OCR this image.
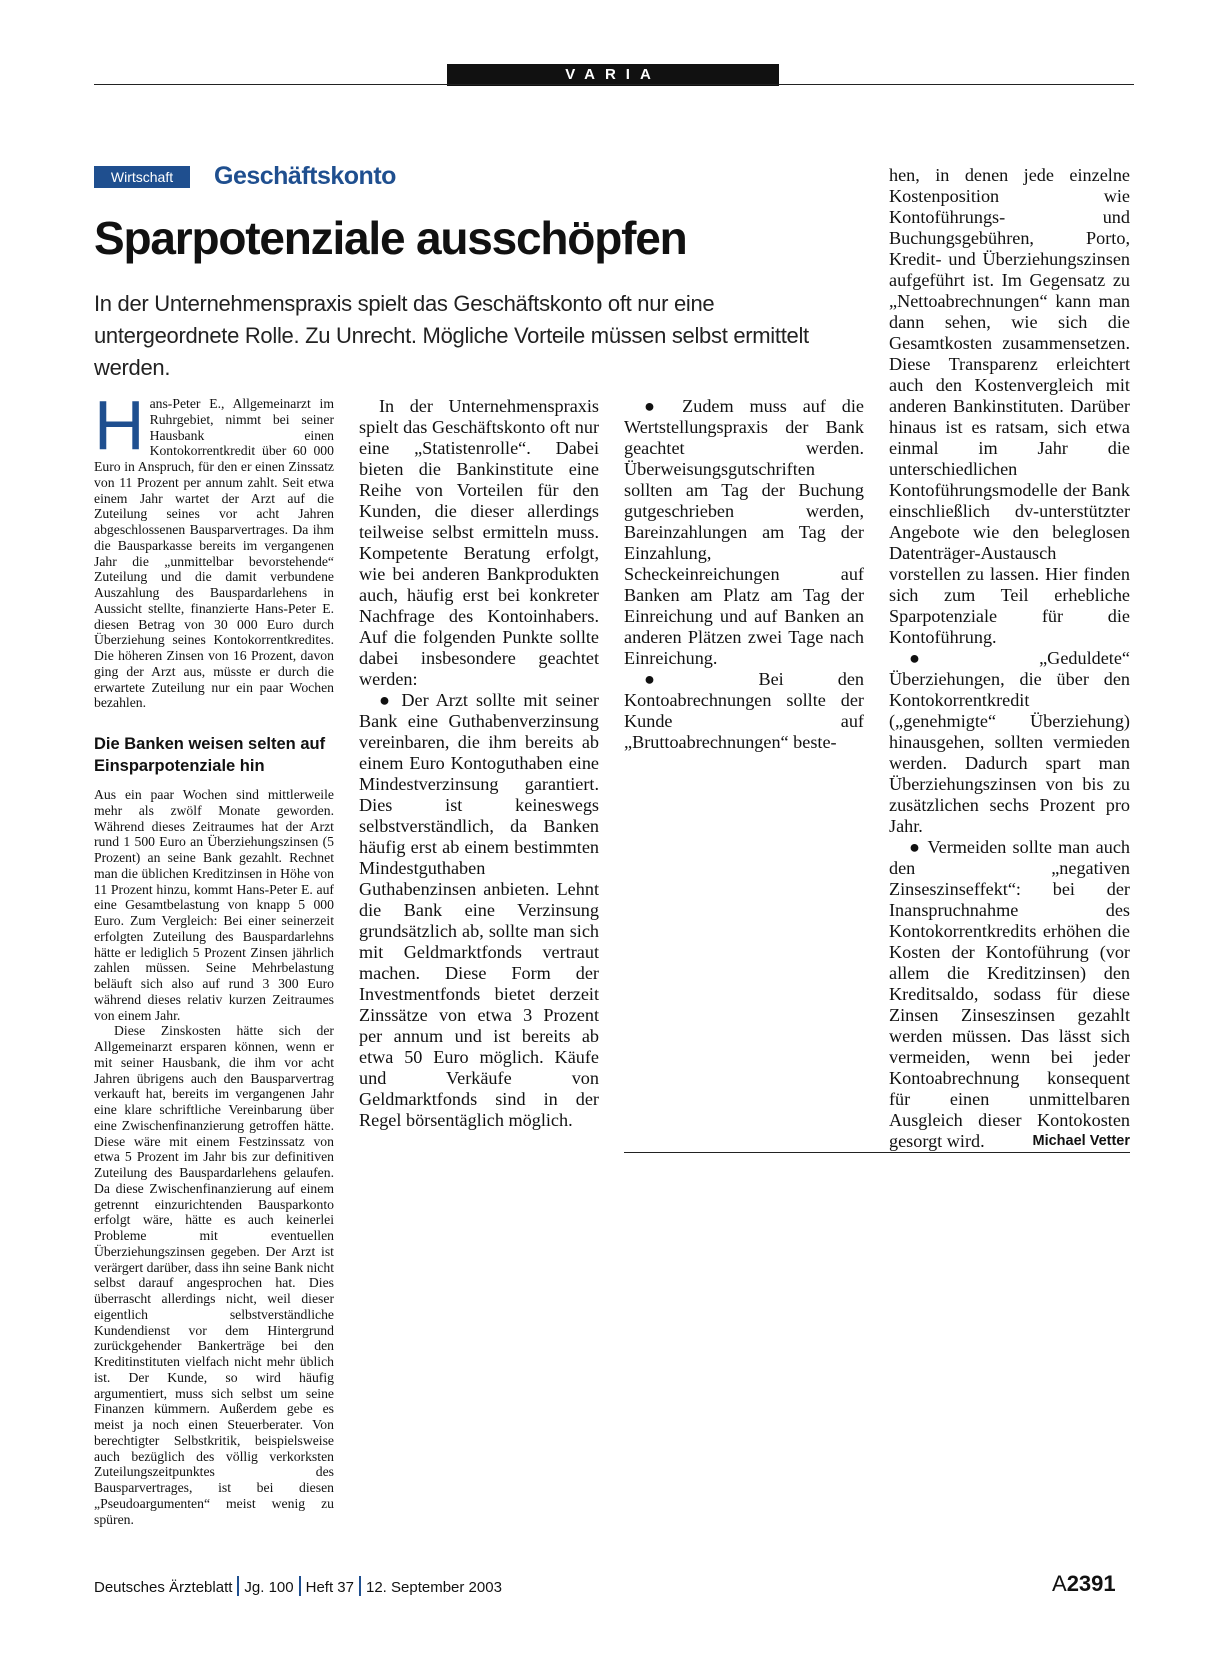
VARIA
Wirtschaft	Geschäftskonto
Sparpotenziale ausschöpfen
In der Unternehmenspraxis spielt das Geschäftskonto oft nur eine untergeordnete Rolle. Zu Unrecht. Mögliche Vorteile müssen selbst ermittelt werden.

Hans-Peter E., Allgemeinarzt im Ruhrgebiet, nimmt bei seiner Hausbank einen Kontokorrentkredit über 60 000 Euro in Anspruch, für den er einen Zinssatz von 11 Prozent per annum zahlt. Seit etwa einem Jahr wartet der Arzt auf die Zuteilung seines vor acht Jahren abgeschlossenen Bausparvertrages. Da ihm die Bausparkasse bereits im vergangenen Jahr die „unmittelbar bevorstehende“ Zuteilung und die damit verbundene Auszahlung des Bauspardarlehens in Aussicht stellte, finanzierte Hans-Peter E. diesen Betrag von 30 000 Euro durch Überziehung seines Kontokorrentkredites. Die höheren Zinsen von 16 Prozent, davon ging der Arzt aus, müsste er durch die erwartete Zuteilung nur ein paar Wochen bezahlen.

Die Banken weisen selten auf Einsparpotenziale hin

Aus ein paar Wochen sind mittlerweile mehr als zwölf Monate geworden. Während dieses Zeitraumes hat der Arzt rund 1 500 Euro an Überziehungszinsen (5 Prozent) an seine Bank gezahlt. Rechnet man die üblichen Kreditzinsen in Höhe von 11 Prozent hinzu, kommt Hans-Peter E. auf eine Gesamtbelastung von knapp 5 000 Euro. Zum Vergleich: Bei einer seinerzeit erfolgten Zuteilung des Bauspardarlehns hätte er lediglich 5 Prozent Zinsen jährlich zahlen müssen. Seine Mehrbelastung beläuft sich also auf rund 3 300 Euro während dieses relativ kurzen Zeitraumes von einem Jahr.

Diese Zinskosten hätte sich der Allgemeinarzt ersparen können, wenn er mit seiner Hausbank, die ihm vor acht Jahren übrigens auch den Bausparvertrag verkauft hat, bereits im vergangenen Jahr eine klare schriftliche Vereinbarung über eine Zwischenfinanzierung getroffen hätte. Diese wäre mit einem Festzinssatz von etwa 5 Prozent im Jahr bis zur definitiven Zuteilung des Bauspardarlehens gelaufen. Da diese Zwischenfinanzierung auf einem getrennt einzurichtenden Bausparkonto erfolgt wäre, hätte es auch keinerlei Probleme mit eventuellen Überziehungszinsen gegeben. Der Arzt ist verärgert darüber, dass ihn seine Bank nicht selbst darauf angesprochen hat. Dies überrascht allerdings nicht, weil dieser eigentlich selbstverständliche Kundendienst vor dem Hintergrund zurückgehender Bankerträge bei den Kreditinstituten vielfach nicht mehr üblich ist. Der Kunde, so wird häufig argumentiert, muss sich selbst um seine Finanzen kümmern. Außerdem gebe es meist ja noch einen Steuerberater. Von berechtigter Selbstkritik, beispielsweise auch bezüglich des völlig verkorksten Zuteilungszeitpunktes des Bausparvertrages, ist bei diesen „Pseudoargumenten“ meist wenig zu spüren.

In der Unternehmenspraxis spielt das Geschäftskonto oft nur eine „Statistenrolle“. Dabei bieten die Bankinstitute eine Reihe von Vorteilen für den Kunden, die dieser allerdings teilweise selbst ermitteln muss. Kompetente Beratung erfolgt, wie bei anderen Bankprodukten auch, häufig erst bei konkreter Nachfrage des Kontoinhabers. Auf die folgenden Punkte sollte dabei insbesondere geachtet werden:

● Der Arzt sollte mit seiner Bank eine Guthabenverzinsung vereinbaren, die ihm bereits ab einem Euro Kontoguthaben eine Mindestverzinsung garantiert. Dies ist keineswegs selbstverständlich, da Banken häufig erst ab einem bestimmten Mindestguthaben Guthabenzinsen anbieten. Lehnt die Bank eine Verzinsung grundsätzlich ab, sollte man sich mit Geldmarktfonds vertraut machen. Diese Form der Investmentfonds bietet derzeit Zinssätze von etwa 3 Prozent per annum und ist bereits ab etwa 50 Euro möglich. Käufe und Verkäufe von Geldmarktfonds sind in der Regel börsentäglich möglich.

● Zudem muss auf die Wertstellungspraxis der Bank geachtet werden. Überweisungsgutschriften sollten am Tag der Buchung gutgeschrieben werden, Bareinzahlungen am Tag der Einzahlung, Scheckeinreichungen auf Banken am Platz am Tag der Einreichung und auf Banken an anderen Plätzen zwei Tage nach Einreichung.

● Bei den Kontoabrechnungen sollte der Kunde auf „Bruttoabrechnungen“ beste-

hen, in denen jede einzelne Kostenposition wie Kontoführungs- und Buchungsgebühren, Porto, Kredit- und Überziehungszinsen aufgeführt ist. Im Gegensatz zu „Nettoabrechnungen“ kann man dann sehen, wie sich die Gesamtkosten zusammensetzen. Diese Transparenz erleichtert auch den Kostenvergleich mit anderen Bankinstituten. Darüber hinaus ist es ratsam, sich etwa einmal im Jahr die unterschiedlichen Kontoführungsmodelle der Bank einschließlich dv-unterstützter Angebote wie den beleglosen Datenträger-Austausch vorstellen zu lassen. Hier finden sich zum Teil erhebliche Sparpotenziale für die Kontoführung.

● „Geduldete“ Überziehungen, die über den Kontokorrentkredit („genehmigte“ Überziehung) hinausgehen, sollten vermieden werden. Dadurch spart man Überziehungszinsen von bis zu zusätzlichen sechs Prozent pro Jahr.

● Vermeiden sollte man auch den „negativen Zinseszinseffekt“: bei der Inanspruchnahme des Kontokorrentkredits erhöhen die Kosten der Kontoführung (vor allem die Kreditzinsen) den Kreditsaldo, sodass für diese Zinsen Zinseszinsen gezahlt werden müssen. Das lässt sich vermeiden, wenn bei jeder Kontoabrechnung konsequent für einen unmittelbaren Ausgleich dieser Kontokosten gesorgt wird.	Michael Vetter

Deutsches Ärzteblatt Jg. 100 Heft 37 12. September 2003	A2391
